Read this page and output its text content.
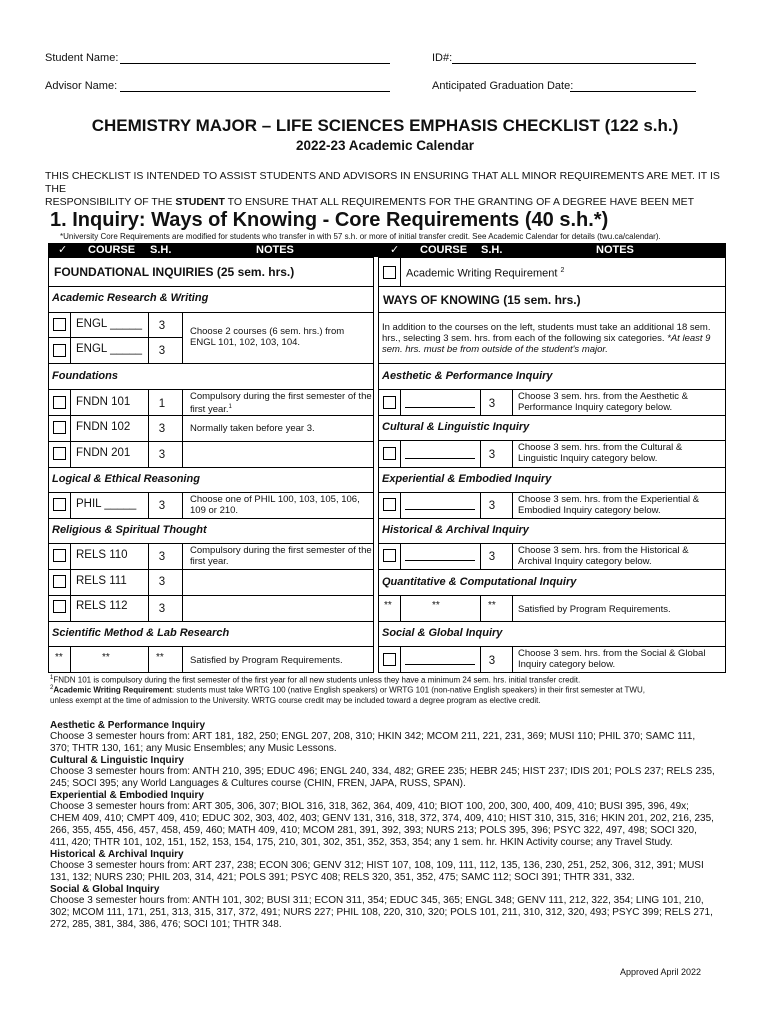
Student Name:	ID#:
Advisor Name:	Anticipated Graduation Date:
CHEMISTRY MAJOR – LIFE SCIENCES EMPHASIS CHECKLIST (122 s.h.)
2022-23 Academic Calendar
THIS CHECKLIST IS INTENDED TO ASSIST STUDENTS AND ADVISORS IN ENSURING THAT ALL MINOR REQUIREMENTS ARE MET. IT IS THE
RESPONSIBILITY OF THE STUDENT TO ENSURE THAT ALL REQUIREMENTS FOR THE GRANTING OF A DEGREE HAVE BEEN MET
1. Inquiry: Ways of Knowing - Core Requirements (40 s.h.*)
*University Core Requirements are modified for students who transfer in with 57 s.h. or more of initial transfer credit. See Academic Calendar for details (twu.ca/calendar).
✓ COURSE S.H.	NOTES	✓ COURSE S.H.	NOTES
FOUNDATIONAL INQUIRIES (25 sem. hrs.)
Academic Research & Writing
ENGL _____ 3
ENGL _____ 3
Choose 2 courses (6 sem. hrs.) from ENGL 101, 102, 103, 104.
Foundations
FNDN 101 1
Compulsory during the first semester of the first year.$^1$
FNDN 102 3	Normally taken before year 3.
FNDN 201 3
Logical & Ethical Reasoning
PHIL _____ 3
Choose one of PHIL 100, 103, 105, 106, 109 or 210.
Religious & Spiritual Thought
RELS 110	3
Compulsory during the first semester of the first year.
RELS 111	3
RELS 112	3
Scientific Method & Lab Research
**	**	**	Satisfied by Program Requirements.
Academic Writing Requirement $^2$
WAYS OF KNOWING (15 sem. hrs.)
In addition to the courses on the left, students must take an additional 18 sem. hrs., selecting 3 sem. hrs. from each of the following six categories. *At least 9 sem. hrs. must be from outside of the student's major.
Aesthetic & Performance Inquiry
3
Choose 3 sem. hrs. from the Aesthetic & Performance Inquiry category below.
Cultural & Linguistic Inquiry
3
Choose 3 sem. hrs. from the Cultural & Linguistic Inquiry category below.
Experiential & Embodied Inquiry
3
Choose 3 sem. hrs. from the Experiential & Embodied Inquiry category below.
Historical & Archival Inquiry
3
Choose 3 sem. hrs. from the Historical & Archival Inquiry category below.
Quantitative & Computational Inquiry
**	**	** Satisfied by Program Requirements.
Social & Global Inquiry
3
Choose 3 sem. hrs. from the Social & Global Inquiry category below.
$^1$FNDN 101 is compulsory during the first semester of the first year for all new students unless they have a minimum 24 sem. hrs. initial transfer credit.
$^2$Academic Writing Requirement: students must take WRTG 100 (native English speakers) or WRTG 101 (non-native English speakers) in their first semester at TWU,
unless exempt at the time of admission to the University. WRTG course credit may be included toward a degree program as elective credit.
Aesthetic & Performance Inquiry
Choose 3 semester hours from: ART 181, 182, 250; ENGL 207, 208, 310; HKIN 342; MCOM 211, 221, 231, 369; MUSI 110; PHIL 370; SAMC 111,
370; THTR 130, 161; any Music Ensembles; any Music Lessons.
Cultural & Linguistic Inquiry
Choose 3 semester hours from: ANTH 210, 395; EDUC 496; ENGL 240, 334, 482; GREE 235; HEBR 245; HIST 237; IDIS 201; POLS 237; RELS 235,
245; SOCI 395; any World Languages & Cultures course (CHIN, FREN, JAPA, RUSS, SPAN).
Experiential & Embodied Inquiry
Choose 3 semester hours from: ART 305, 306, 307; BIOL 316, 318, 362, 364, 409, 410; BIOT 100, 200, 300, 400, 409, 410; BUSI 395, 396, 49x;
CHEM 409, 410; CMPT 409, 410; EDUC 302, 303, 402, 403; GENV 131, 316, 318, 372, 374, 409, 410; HIST 310, 315, 316; HKIN 201, 202, 216, 235,
266, 355, 455, 456, 457, 458, 459, 460; MATH 409, 410; MCOM 281, 391, 392, 393; NURS 213; POLS 395, 396; PSYC 322, 497, 498; SOCI 320,
411, 420; THTR 101, 102, 151, 152, 153, 154, 175, 210, 301, 302, 351, 352, 353, 354; any 1 sem. hr. HKIN Activity course; any Travel Study.
Historical & Archival Inquiry
Choose 3 semester hours from: ART 237, 238; ECON 306; GENV 312; HIST 107, 108, 109, 111, 112, 135, 136, 230, 251, 252, 306, 312, 391; MUSI
131, 132; NURS 230; PHIL 203, 314, 421; POLS 391; PSYC 408; RELS 320, 351, 352, 475; SAMC 112; SOCI 391; THTR 331, 332.
Social & Global Inquiry
Choose 3 semester hours from: ANTH 101, 302; BUSI 311; ECON 311, 354; EDUC 345, 365; ENGL 348; GENV 111, 212, 322, 354; LING 101, 210,
302; MCOM 111, 171, 251, 313, 315, 317, 372, 491; NURS 227; PHIL 108, 220, 310, 320; POLS 101, 211, 310, 312, 320, 493; PSYC 399; RELS 271,
272, 285, 381, 384, 386, 476; SOCI 101; THTR 348.
Approved April 2022
